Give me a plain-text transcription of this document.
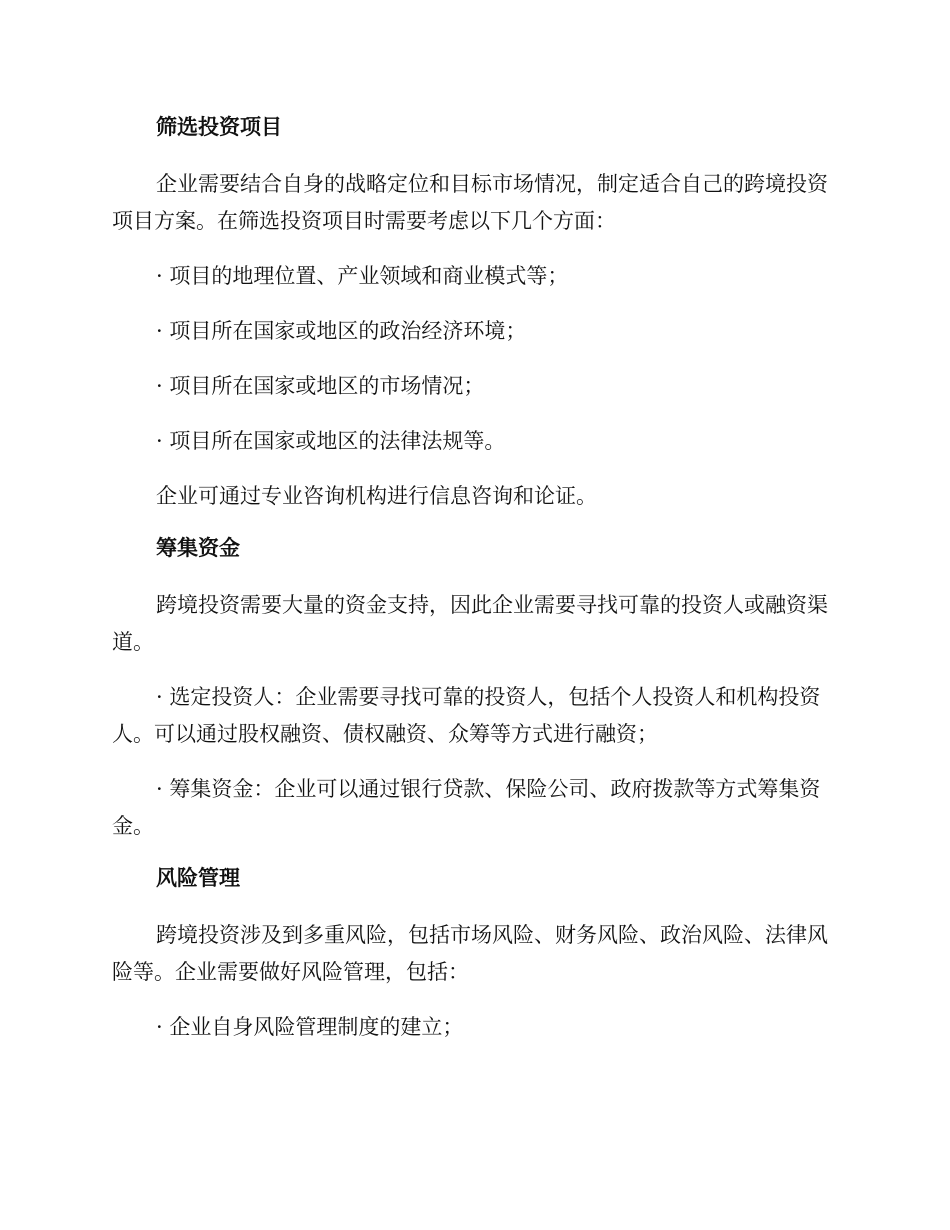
筛选投资项目

企业需要结合自身的战略定位和目标市场情况，制定适合自己的跨境投资项目方案。在筛选投资项目时需要考虑以下几个方面：

· 项目的地理位置、产业领域和商业模式等；

· 项目所在国家或地区的政治经济环境；

· 项目所在国家或地区的市场情况；

· 项目所在国家或地区的法律法规等。

企业可通过专业咨询机构进行信息咨询和论证。

筹集资金

跨境投资需要大量的资金支持，因此企业需要寻找可靠的投资人或融资渠道。

· 选定投资人：企业需要寻找可靠的投资人，包括个人投资人和机构投资人。可以通过股权融资、债权融资、众筹等方式进行融资；

· 筹集资金：企业可以通过银行贷款、保险公司、政府拨款等方式筹集资金。

风险管理

跨境投资涉及到多重风险，包括市场风险、财务风险、政治风险、法律风险等。企业需要做好风险管理，包括：

· 企业自身风险管理制度的建立；
